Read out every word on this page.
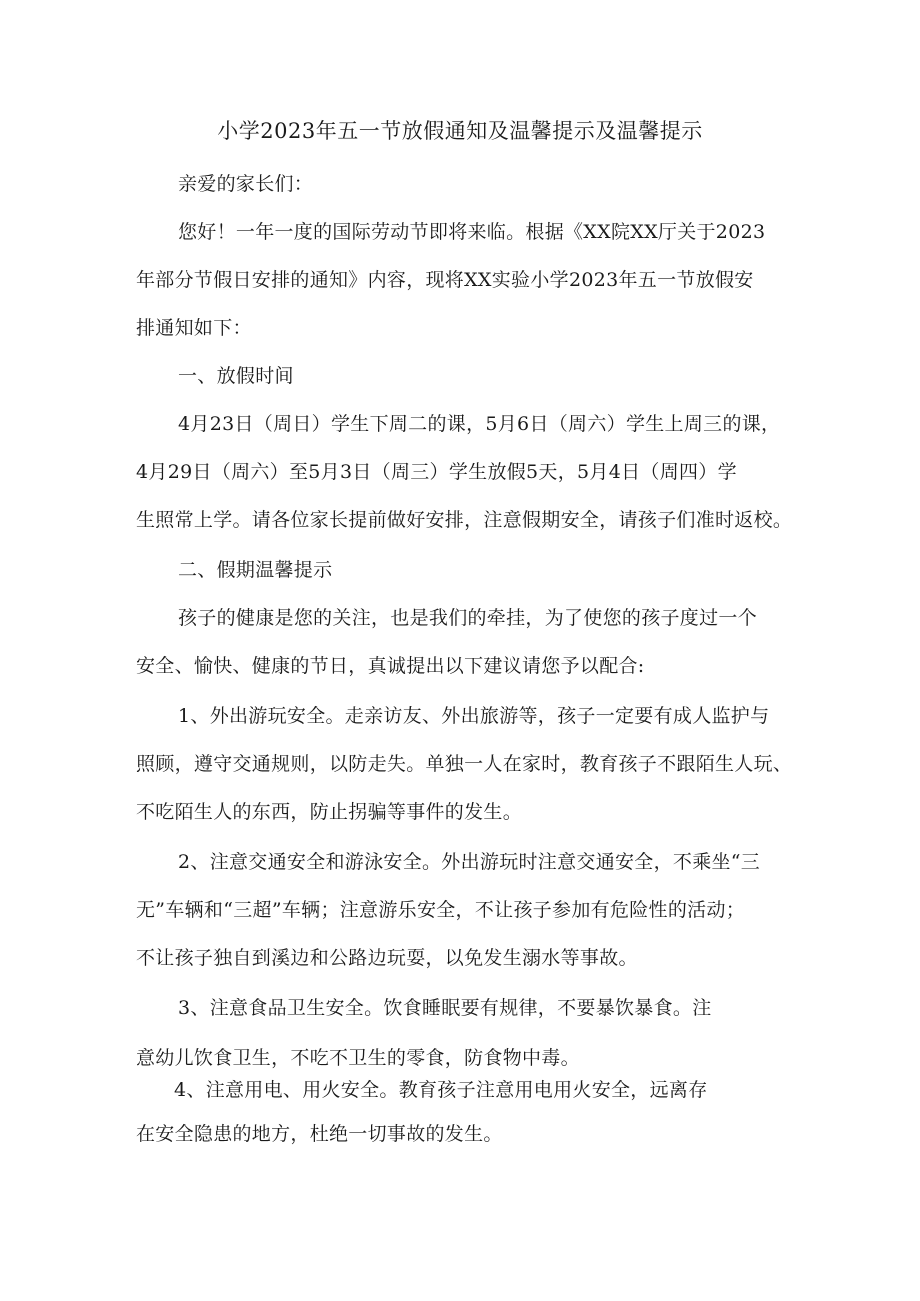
小学2023年五一节放假通知及温馨提示及温馨提示
亲爱的家长们：
您好！一年一度的国际劳动节即将来临。根据《XX院XX厅关于2023
年部分节假日安排的通知》内容，现将XX实验小学2023年五一节放假安
排通知如下：
一、放假时间
4月23日（周日）学生下周二的课，5月6日（周六）学生上周三的课，
4月29日（周六）至5月3日（周三）学生放假5天，5月4日（周四）学
生照常上学。请各位家长提前做好安排，注意假期安全，请孩子们准时返校。
二、假期温馨提示
孩子的健康是您的关注，也是我们的牵挂，为了使您的孩子度过一个
安全、愉快、健康的节日，真诚提出以下建议请您予以配合:
1、外出游玩安全。走亲访友、外出旅游等，孩子一定要有成人监护与
照顾，遵守交通规则，以防走失。单独一人在家时，教育孩子不跟陌生人玩、
不吃陌生人的东西，防止拐骗等事件的发生。
2、注意交通安全和游泳安全。外出游玩时注意交通安全，不乘坐“三
无”车辆和“三超”车辆；注意游乐安全，不让孩子参加有危险性的活动；
不让孩子独自到溪边和公路边玩耍，以免发生溺水等事故。
3、注意食品卫生安全。饮食睡眠要有规律，不要暴饮暴食。注
意幼儿饮食卫生，不吃不卫生的零食，防食物中毒。
4、注意用电、用火安全。教育孩子注意用电用火安全，远离存
在安全隐患的地方，杜绝一切事故的发生。
